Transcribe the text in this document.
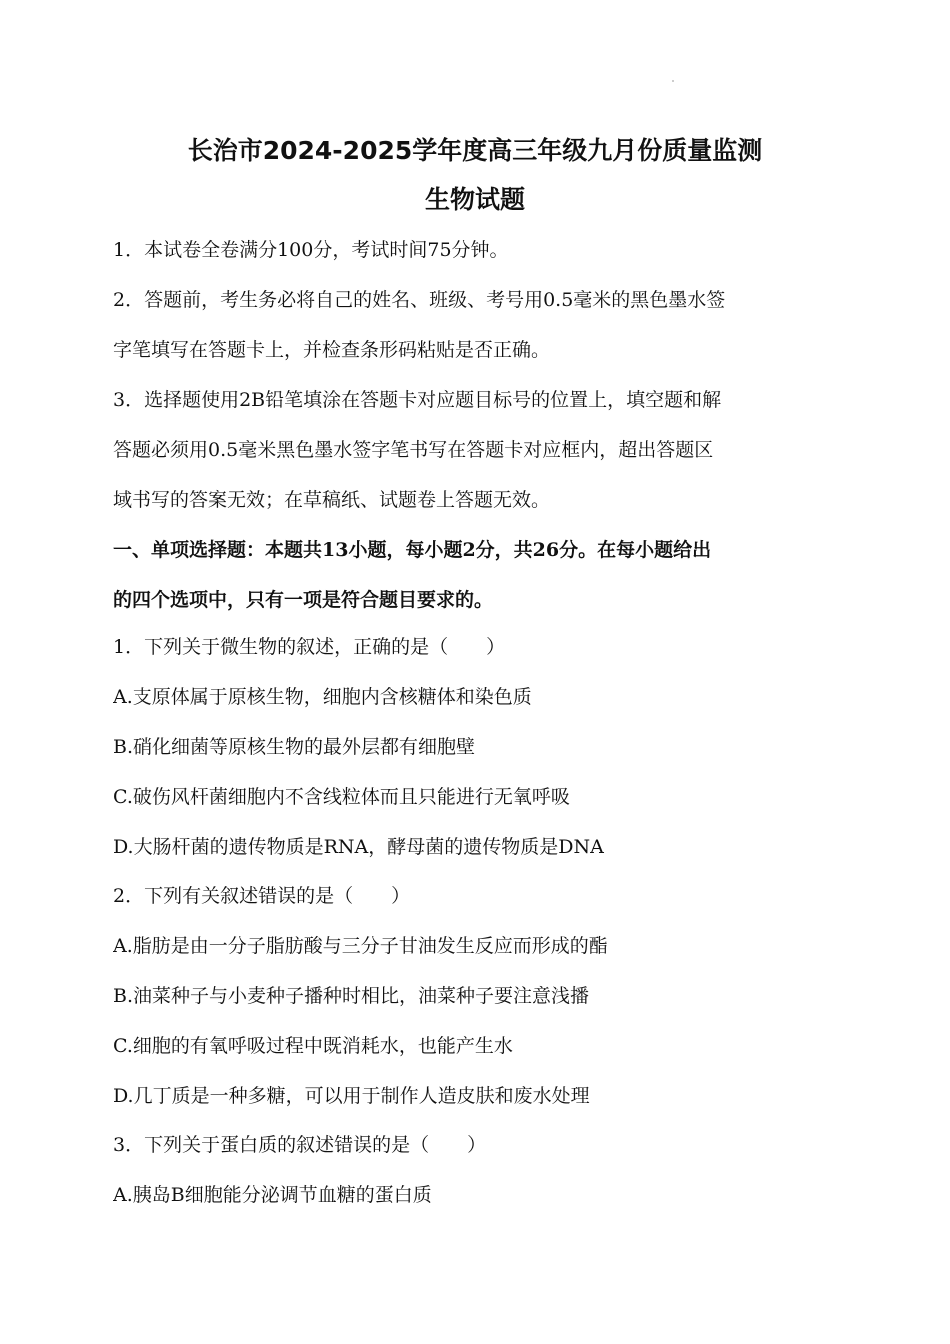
长治市2024-2025学年度高三年级九月份质量监测
生物试题
1．本试卷全卷满分100分，考试时间75分钟。
2．答题前，考生务必将自己的姓名、班级、考号用0.5毫米的黑色墨水签
字笔填写在答题卡上，并检查条形码粘贴是否正确。
3．选择题使用2B铅笔填涂在答题卡对应题目标号的位置上，填空题和解
答题必须用0.5毫米黑色墨水签字笔书写在答题卡对应框内，超出答题区
域书写的答案无效；在草稿纸、试题卷上答题无效。
一、单项选择题：本题共13小题，每小题2分，共26分。在每小题给出
的四个选项中，只有一项是符合题目要求的。
1．下列关于微生物的叙述，正确的是（　　）
A.支原体属于原核生物，细胞内含核糖体和染色质
B.硝化细菌等原核生物的最外层都有细胞壁
C.破伤风杆菌细胞内不含线粒体而且只能进行无氧呼吸
D.大肠杆菌的遗传物质是RNA，酵母菌的遗传物质是DNA
2．下列有关叙述错误的是（　　）
A.脂肪是由一分子脂肪酸与三分子甘油发生反应而形成的酯
B.油菜种子与小麦种子播种时相比，油菜种子要注意浅播
C.细胞的有氧呼吸过程中既消耗水，也能产生水
D.几丁质是一种多糖，可以用于制作人造皮肤和废水处理
3．下列关于蛋白质的叙述错误的是（　　）
A.胰岛B细胞能分泌调节血糖的蛋白质
